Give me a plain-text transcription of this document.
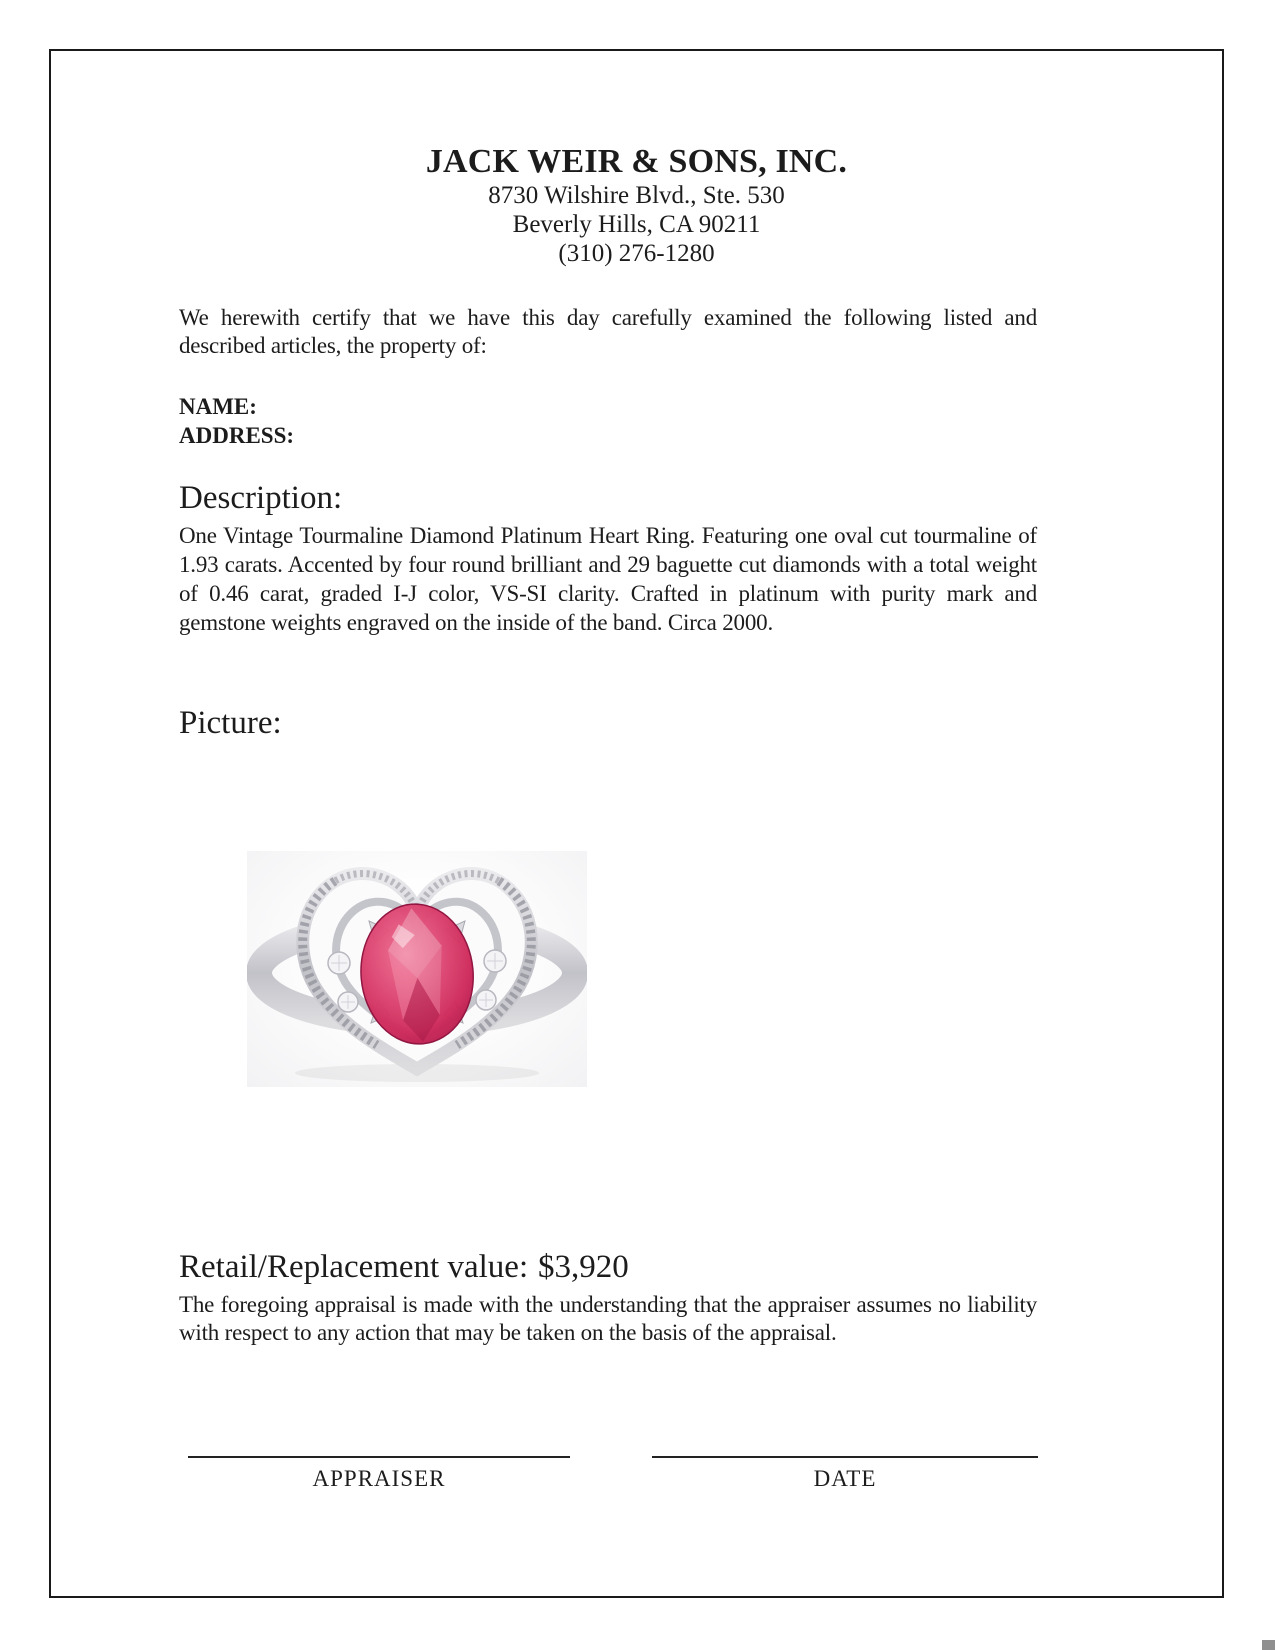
JACK WEIR & SONS, INC.
8730 Wilshire Blvd., Ste. 530
Beverly Hills, CA 90211
(310) 276-1280
We herewith certify that we have this day carefully examined the following listed and described articles, the property of:
NAME:
ADDRESS:
Description:
One Vintage Tourmaline Diamond Platinum Heart Ring. Featuring one oval cut tourmaline of 1.93 carats. Accented by four round brilliant and 29 baguette cut diamonds with a total weight of 0.46 carat, graded I-J color, VS-SI clarity. Crafted in platinum with purity mark and gemstone weights engraved on the inside of the band. Circa 2000.
Picture:
Retail/Replacement value: $3,920
The foregoing appraisal is made with the understanding that the appraiser assumes no liability with respect to any action that may be taken on the basis of the appraisal.
APPRAISER	DATE
